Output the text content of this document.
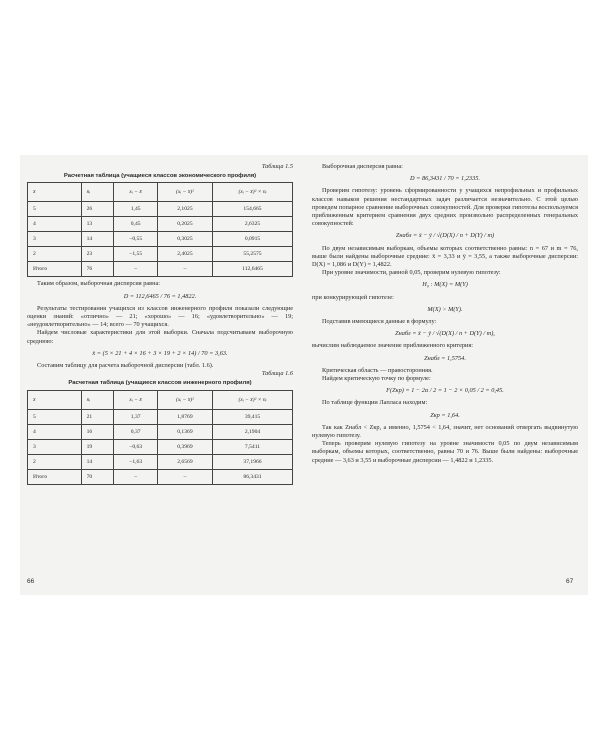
Таблица 1.5
Расчетная таблица (учащиеся классов экономического профиля)
x̄	nᵢ	xᵢ − x̄	(xᵢ − x̄)²	(xᵢ − x̄)² × nᵢ
5	26	1,45	2,1025	154,665
4	13	0,45	0,2025	2,6325
3	14	−0,55	0,3025	0,0915
2	23	−1,55	2,4025	55,2575
Итого	76	–	–	112,6465

Таким образом, выборочная дисперсия равна:

D = 112,6465 / 76 = 1,4822.

Результаты тестирования учащихся из классов инженерного профиля показали следующие оценки знаний: «отлично» — 21; «хорошо» — 16; «удовлетворительно» — 19; «неудовлетворительно» — 14; всего — 70 учащихся.

Найдем числовые характеристики для этой выборки. Сначала подсчитываем выборочную среднюю:

x̄ = (5 × 21 + 4 × 16 + 3 × 19 + 2 × 14) / 70 = 3,63.

Составим таблицу для расчета выборочной дисперсии (табл. 1.6).

Таблица 1.6
Расчетная таблица (учащиеся классов инженерного профиля)
x̄	nᵢ	xᵢ − x̄	(xᵢ − x̄)²	(xᵢ − x̄)² × nᵢ
5	21	1,37	1,8769	39,415
4	16	0,37	0,1369	2,1904
3	19	−0,63	0,3969	7,5411
2	14	−1,63	2,6569	37,1966
Итого	70	–	–	86,3431

Выборочная дисперсия равна:

D = 86,3431 / 70 = 1,2335.

Проверим гипотезу: уровень сформированности у учащихся непрофильных и профильных классов навыков решения нестандартных задач различается незначительно. С этой целью проведем попарное сравнение выборочных совокупностей. Для проверки гипотезы воспользуемся приближенным критерием сравнения двух средних произвольно распределенных генеральных совокупностей:

Zнабл = x̄ − ȳ / √(D(X) / n + D(Y) / m)

По двум независимым выборкам, объемы которых соответственно равны: n = 67 и m = 76, выше были найдены выборочные средние: x̄ = 3,33 и ȳ = 3,55, а также выборочные дисперсии: D(X) = 1,086 и D(Y) = 1,4822.

При уровне значимости, равной 0,05, проверим нулевую гипотезу:

H₀ : M(X) = M(Y)

при конкурирующей гипотезе:

M(X) > M(Y).

Подставив имеющиеся данные в формулу:

Zнабл = x̄ − ȳ / √(D(X) / n + D(Y) / m),

вычислим наблюдаемое значение приближенного критерия:

Zнабл = 1,5754.

Критическая область — правосторонняя.

Найдем критическую точку по формуле:

F(Zкр) = 1 − 2α / 2 = 1 − 2 × 0,05 / 2 = 0,45.

По таблице функции Лапласа находим:

Zкр = 1,64.

Так как Zнабл < Zкр, а именно, 1,5754 < 1,64, значит, нет оснований отвергать выдвинутую нулевую гипотезу.

Теперь проверим нулевую гипотезу на уровне значимости 0,05 по двум независимым выборкам, объемы которых, соответственно, равны 70 и 76. Выше были найдены: выборочные средние — 3,63 и 3,55 и выборочные дисперсии — 1,4822 и 1,2335.

66	67
